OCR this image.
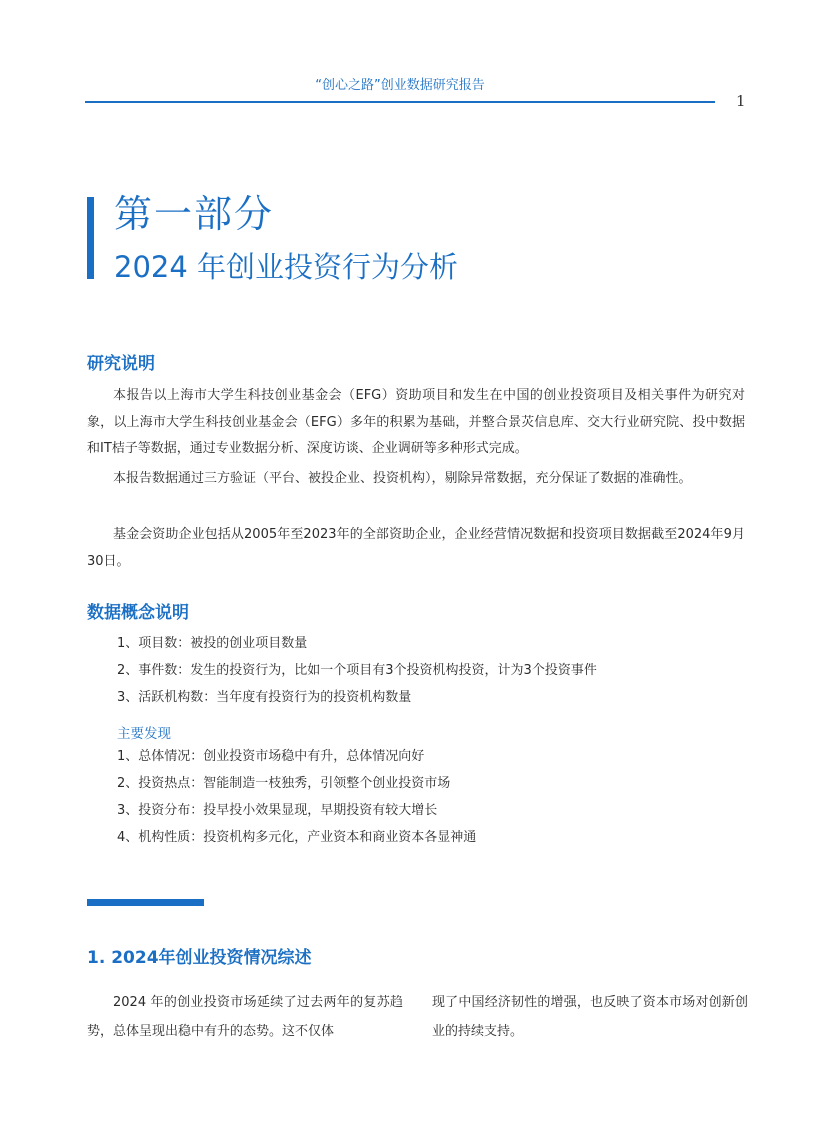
“创心之路”创业数据研究报告
1
第一部分
2024 年创业投资行为分析
研究说明

本报告以上海市大学生科技创业基金会（EFG）资助项目和发生在中国的创业投资项目及相关事件为研究对象，以上海市大学生科技创业基金会（EFG）多年的积累为基础，并整合景苂信息库、交大行业研究院、投中数据和IT桔子等数据，通过专业数据分析、深度访谈、企业调研等多种形式完成。

本报告数据通过三方验证（平台、被投企业、投资机构），剔除异常数据，充分保证了数据的准确性。

基金会资助企业包括从2005年至2023年的全部资助企业，企业经营情况数据和投资项目数据截至2024年9月30日。

数据概念说明
1、项目数：被投的创业项目数量
2、事件数：发生的投资行为，比如一个项目有3个投资机构投资，计为3个投资事件
3、活跃机构数：当年度有投资行为的投资机构数量
主要发现
1、总体情况：创业投资市场稳中有升，总体情况向好
2、投资热点：智能制造一枝独秀，引领整个创业投资市场
3、投资分布：投早投小效果显现，早期投资有较大增长
4、机构性质：投资机构多元化，产业资本和商业资本各显神通
1. 2024年创业投资情况综述

2024 年的创业投资市场延续了过去两年的复苏趋势，总体呈现出稳中有升的态势。这不仅体

现了中国经济韧性的增强，也反映了资本市场对创新创业的持续支持。
